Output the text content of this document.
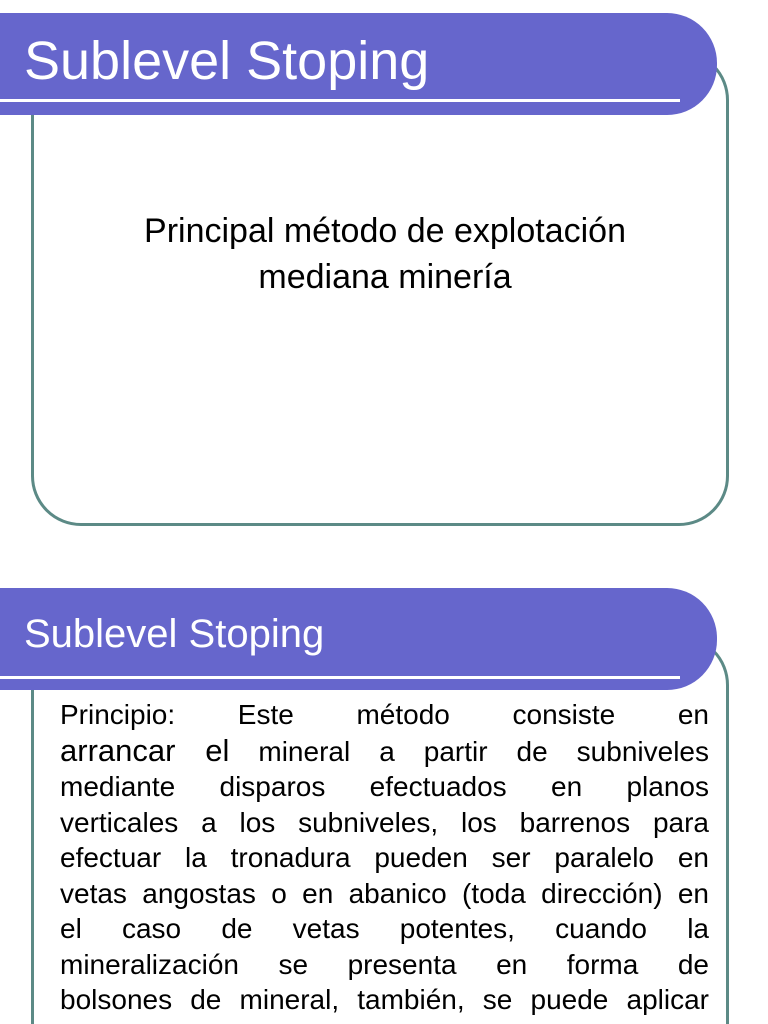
Sublevel Stoping
Principal método de explotación
mediana minería
Sublevel Stoping
Principio: Este método consiste en
arrancar el mineral a partir de subniveles
mediante disparos efectuados en planos
verticales a los subniveles, los barrenos para
efectuar la tronadura pueden ser paralelo en
vetas angostas o en abanico (toda dirección) en
el caso de vetas potentes, cuando la
mineralización se presenta en forma de
bolsones de mineral, también, se puede aplicar
